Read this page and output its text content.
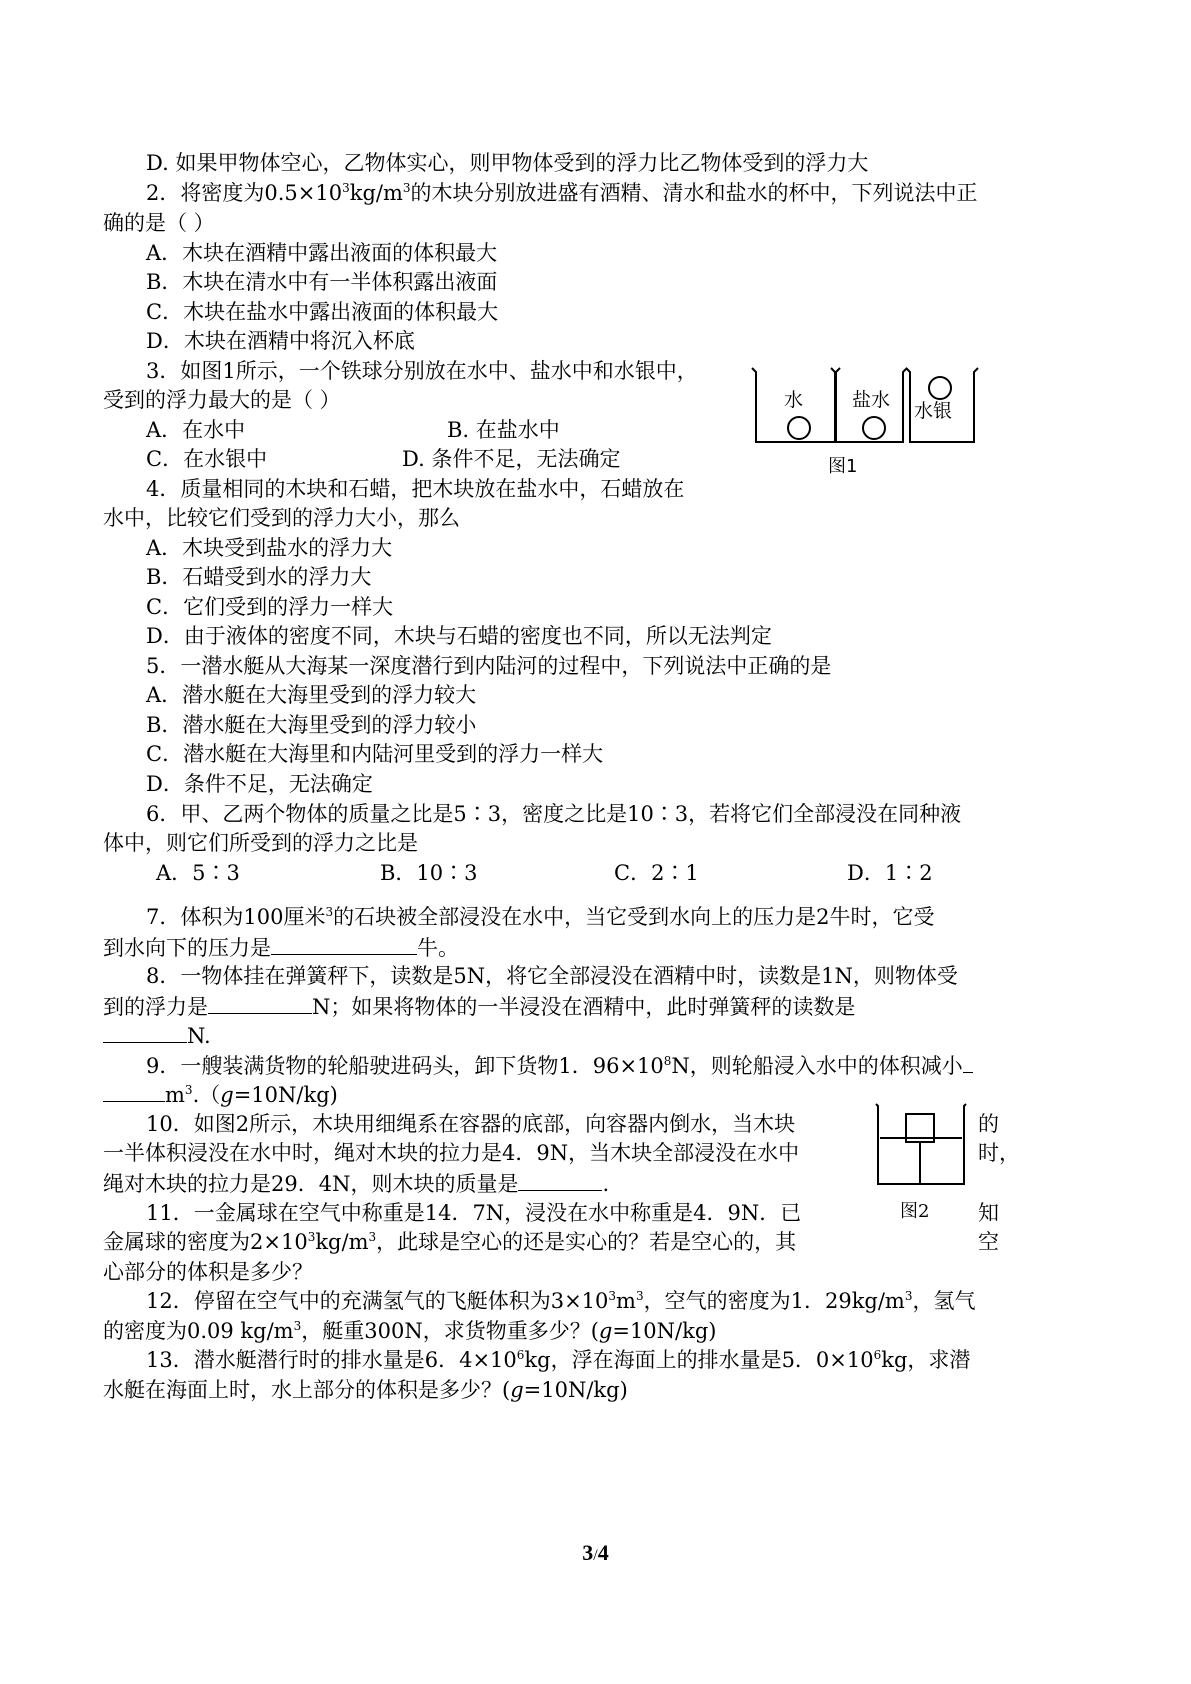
D. 如果甲物体空心，乙物体实心，则甲物体受到的浮力比乙物体受到的浮力大
2．将密度为$0.5\times 10^3kg/m^3$的木块分别放进盛有酒精、清水和盐水的杯中，下列说法中正
确的是（ ）
A．木块在酒精中露出液面的体积最大
B．木块在清水中有一半体积露出液面
C．木块在盐水中露出液面的体积最大
D．木块在酒精中将沉入杯底
3．如图1所示，一个铁球分别放在水中、盐水中和水银中，
受到的浮力最大的是（ ）
A．在水中	B. 在盐水中
C．在水银中	D. 条件不足，无法确定
水	盐水 水银
图1
4．质量相同的木块和石蜡，把木块放在盐水中，石蜡放在
水中，比较它们受到的浮力大小，那么
A．木块受到盐水的浮力大
B．石蜡受到水的浮力大
C．它们受到的浮力一样大
D．由于液体的密度不同，木块与石蜡的密度也不同，所以无法判定
5．一潜水艇从大海某一深度潜行到内陆河的过程中，下列说法中正确的是
A．潜水艇在大海里受到的浮力较大
B．潜水艇在大海里受到的浮力较小
C．潜水艇在大海里和内陆河里受到的浮力一样大
D．条件不足，无法确定
6．甲、乙两个物体的质量之比是5∶3，密度之比是10∶3，若将它们全部浸没在同种液
体中，则它们所受到的浮力之比是
A．5∶3	B．10∶3	C．2∶1	D．1∶2
7．体积为100厘米$^3$的石块被全部浸没在水中，当它受到水向上的压力是2牛时，它受
到水向下的压力是	牛。
8．一物体挂在弹簧秤下，读数是5N，将它全部浸没在酒精中时，读数是1N，则物体受
到的浮力是	N；如果将物体的一半浸没在酒精中，此时弹簧秤的读数是
N.
9．一艘装满货物的轮船驶进码头，卸下货物1．$96\times 10^8N$，则轮船浸入水中的体积减小
$m^3.(g=10N/kg)$
10．如图2所示，木块用细绳系在容器的底部，向容器内倒水，当木块	的
一半体积浸没在水中时，绳对木块的拉力是4．9N，当木块全部浸没在水中	时，
绳对木块的拉力是29．4N，则木块的质量是	.
图2
11．一金属球在空气中称重是14．7N，浸没在水中称重是4．9N．已	知
金属球的密度为$2\times 10^3kg/m^3$，此球是空心的还是实心的？若是空心的，其	空
心部分的体积是多少？
12．停留在空气中的充满氢气的飞艇体积为$3\times 10^3m^3$，空气的密度为1．$29kg/m^3$，氢气
的密度为0.09 $kg/m^3$，艇重300N，求货物重多少？(g=10N/kg)
13．潜水艇潜行时的排水量是6．$4\times 10^6kg$，浮在海面上的排水量是5．$0\times 10^6kg$，求潜
水艇在海面上时，水上部分的体积是多少？(g=10N/kg)
3/4
